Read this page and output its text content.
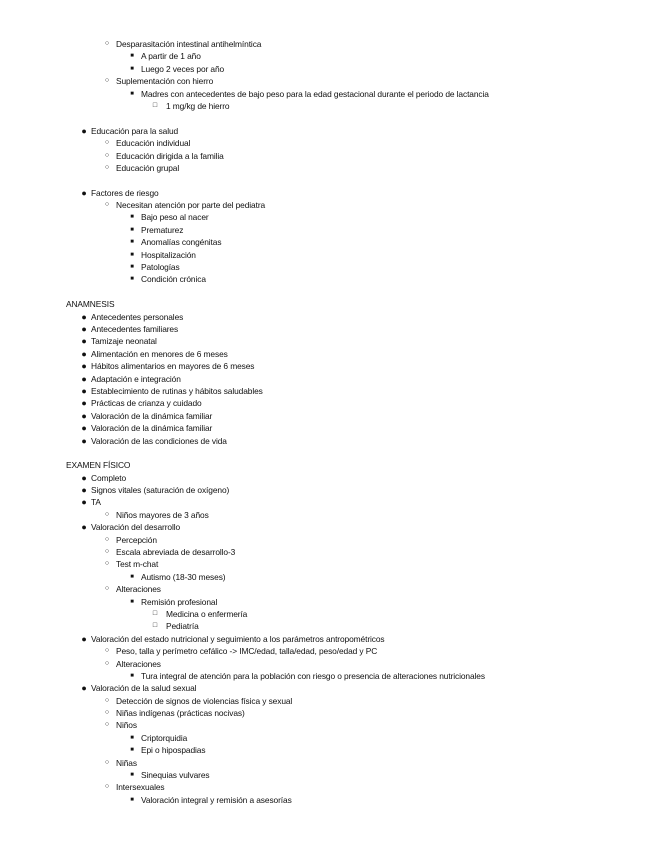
○ Desparasitación intestinal antihelmíntica
■ A partir de 1 año
■ Luego 2 veces por año
○ Suplementación con hierro
■ Madres con antecedentes de bajo peso para la edad gestacional durante el periodo de lactancia
□ 1 mg/kg de hierro
● Educación para la salud
○ Educación individual
○ Educación dirigida a la familia
○ Educación grupal
● Factores de riesgo
○ Necesitan atención por parte del pediatra
■ Bajo peso al nacer
■ Prematurez
■ Anomalías congénitas
■ Hospitalización
■ Patologías
■ Condición crónica
ANAMNESIS
● Antecedentes personales
● Antecedentes familiares
● Tamizaje neonatal
● Alimentación en menores de 6 meses
● Hábitos alimentarios en mayores de 6 meses
● Adaptación e integración
● Establecimiento de rutinas y hábitos saludables
● Prácticas de crianza y cuidado
● Valoración de la dinámica familiar
● Valoración de la dinámica familiar
● Valoración de las condiciones de vida
EXAMEN FÍSICO
● Completo
● Signos vitales (saturación de oxígeno)
● TA
○ Niños mayores de 3 años
● Valoración del desarrollo
○ Percepción
○ Escala abreviada de desarrollo-3
○ Test m-chat
■ Autismo (18-30 meses)
○ Alteraciones
■ Remisión profesional
□ Medicina o enfermería
□ Pediatría
● Valoración del estado nutricional y seguimiento a los parámetros antropométricos
○ Peso, talla y perímetro cefálico -> IMC/edad, talla/edad, peso/edad y PC
○ Alteraciones
■ Tura integral de atención para la población con riesgo o presencia de alteraciones nutricionales
● Valoración de la salud sexual
○ Detección de signos de violencias física y sexual
○ Niñas indígenas (prácticas nocivas)
○ Niños
■ Criptorquidia
■ Epi o hipospadias
○ Niñas
■ Sinequias vulvares
○ Intersexuales
■ Valoración integral y remisión a asesorías
